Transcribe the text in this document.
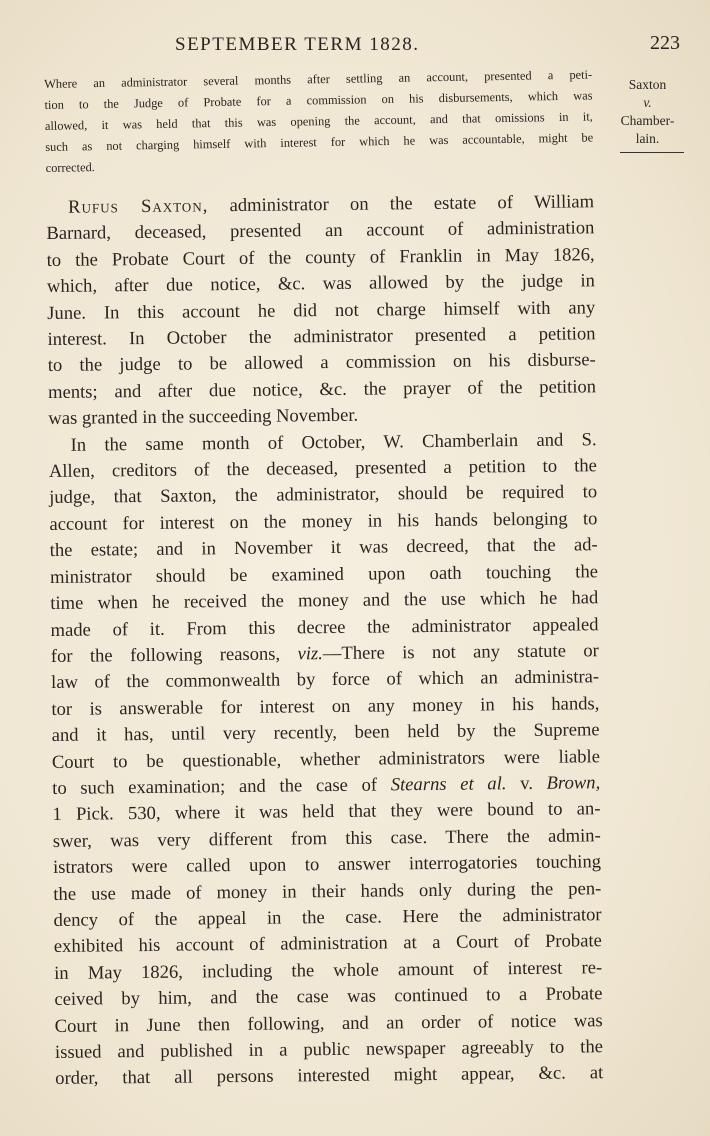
SEPTEMBER TERM 1828.	223
Where an administrator several months after settling an account, presented a peti-
tion to the Judge of Probate for a commission on his disbursements, which was
allowed, it was held that this was opening the account, and that omissions in it,
such as not charging himself with interest for which he was accountable, might be
corrected.
Saxton
v.
Chamber-
lain.

Rufus Saxton, administrator on the estate of William
Barnard, deceased, presented an account of administration
to the Probate Court of the county of Franklin in May 1826,
which, after due notice, &c. was allowed by the judge in
June. In this account he did not charge himself with any
interest. In October the administrator presented a petition
to the judge to be allowed a commission on his disburse-
ments; and after due notice, &c. the prayer of the petition
was granted in the succeeding November.

In the same month of October, W. Chamberlain and S.
Allen, creditors of the deceased, presented a petition to the
judge, that Saxton, the administrator, should be required to
account for interest on the money in his hands belonging to
the estate; and in November it was decreed, that the ad-
ministrator should be examined upon oath touching the
time when he received the money and the use which he had
made of it. From this decree the administrator appealed
for the following reasons, viz.—There is not any statute or
law of the commonwealth by force of which an administra-
tor is answerable for interest on any money in his hands,
and it has, until very recently, been held by the Supreme
Court to be questionable, whether administrators were liable
to such examination; and the case of Stearns et al. v. Brown,
1 Pick. 530, where it was held that they were bound to an-
swer, was very different from this case. There the admin-
istrators were called upon to answer interrogatories touching
the use made of money in their hands only during the pen-
dency of the appeal in the case. Here the administrator
exhibited his account of administration at a Court of Probate
in May 1826, including the whole amount of interest re-
ceived by him, and the case was continued to a Probate
Court in June then following, and an order of notice was
issued and published in a public newspaper agreeably to the
order, that all persons interested might appear, &c. at
